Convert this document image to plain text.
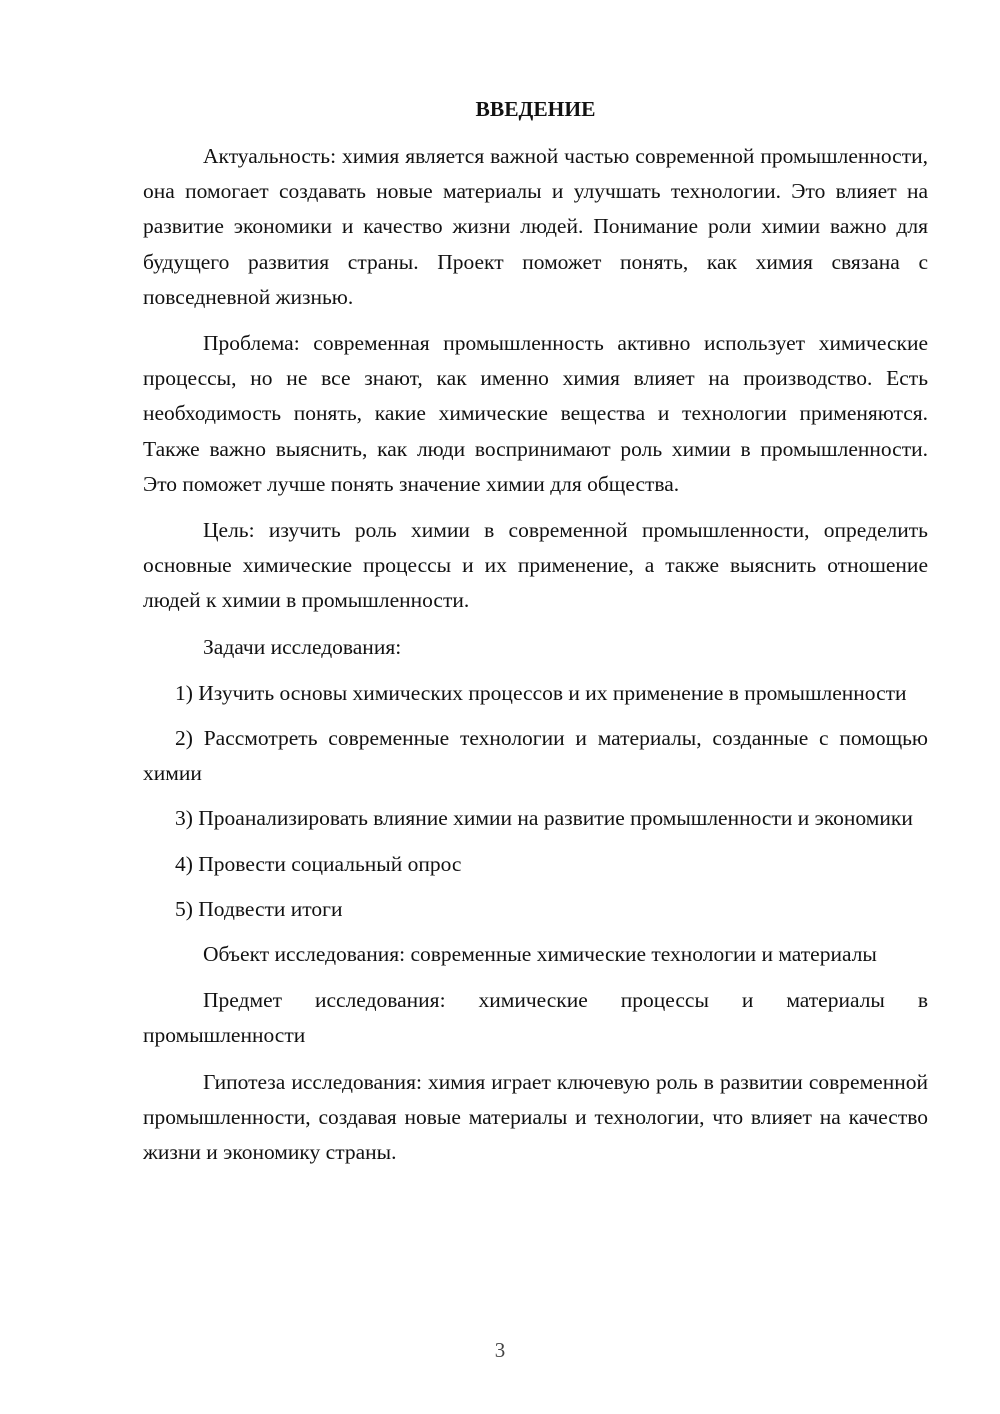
ВВЕДЕНИЕ

Актуальность: химия является важной частью современной промышленности, она помогает создавать новые материалы и улучшать технологии. Это влияет на развитие экономики и качество жизни людей. Понимание роли химии важно для будущего развития страны. Проект поможет понять, как химия связана с повседневной жизнью.

Проблема: современная промышленность активно использует химические процессы, но не все знают, как именно химия влияет на производство. Есть необходимость понять, какие химические вещества и технологии применяются. Также важно выяснить, как люди воспринимают роль химии в промышленности. Это поможет лучше понять значение химии для общества.

Цель: изучить роль химии в современной промышленности, определить основные химические процессы и их применение, а также выяснить отношение людей к химии в промышленности.

Задачи исследования:

1) Изучить основы химических процессов и их применение в промышленности

2) Рассмотреть современные технологии и материалы, созданные с помощью химии

3) Проанализировать влияние химии на развитие промышленности и экономики

4) Провести социальный опрос

5) Подвести итоги

Объект исследования: современные химические технологии и материалы

Предмет исследования: химические процессы и материалы в промышленности

Гипотеза исследования: химия играет ключевую роль в развитии современной промышленности, создавая новые материалы и технологии, что влияет на качество жизни и экономику страны.

3
